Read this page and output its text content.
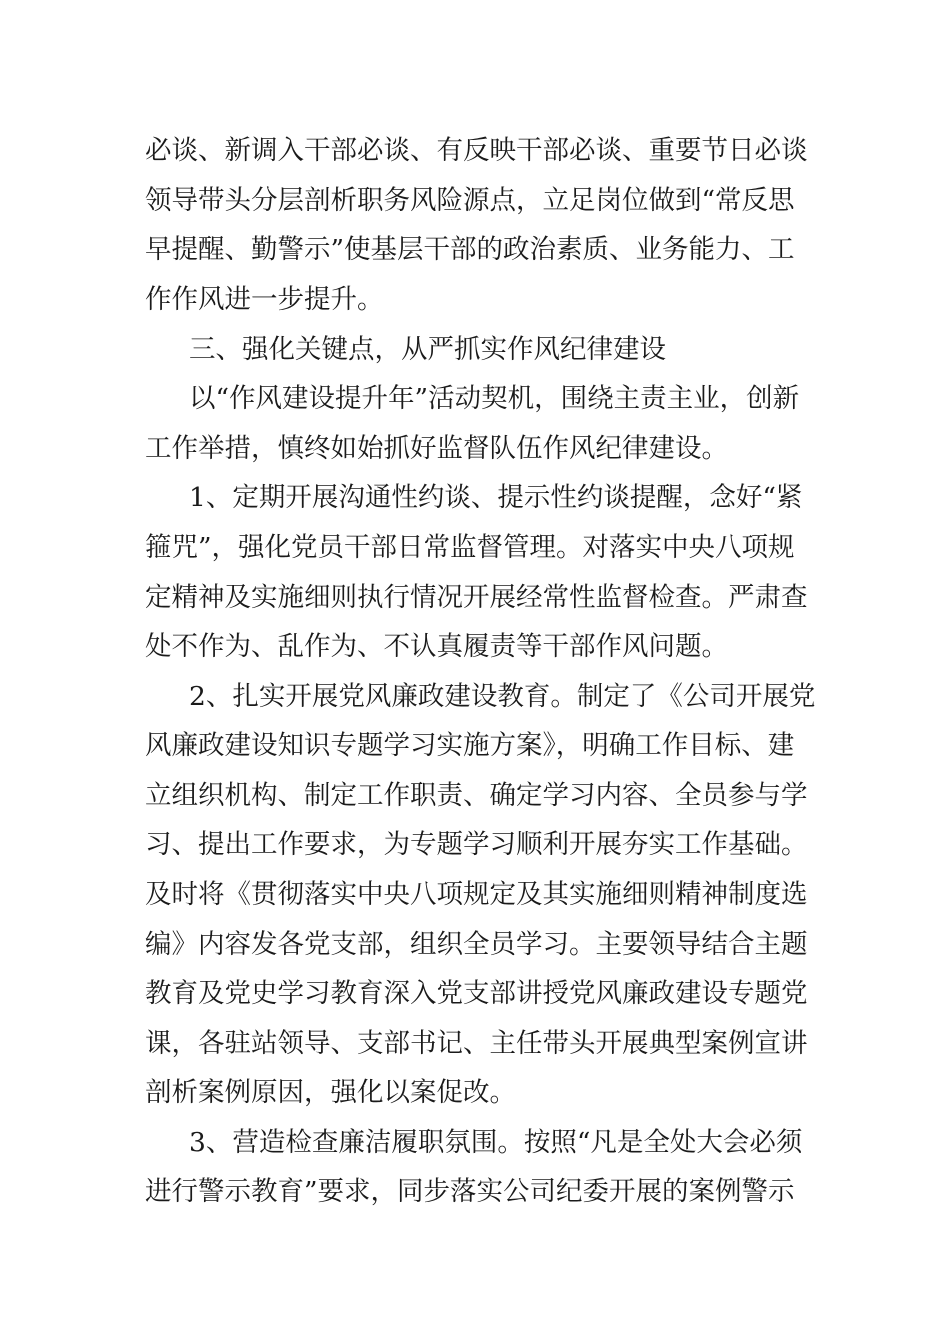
必谈、新调入干部必谈、有反映干部必谈、重要节日必谈
领导带头分层剖析职务风险源点，立足岗位做到“常反思
早提醒、勤警示”使基层干部的政治素质、业务能力、工
作作风进一步提升。
三、强化关键点，从严抓实作风纪律建设
以“作风建设提升年”活动契机，围绕主责主业，创新
工作举措，慎终如始抓好监督队伍作风纪律建设。
1、定期开展沟通性约谈、提示性约谈提醒，念好“紧
箍咒”，强化党员干部日常监督管理。对落实中央八项规
定精神及实施细则执行情况开展经常性监督检查。严肃查
处不作为、乱作为、不认真履责等干部作风问题。
2、扎实开展党风廉政建设教育。制定了《公司开展党
风廉政建设知识专题学习实施方案》，明确工作目标、建
立组织机构、制定工作职责、确定学习内容、全员参与学
习、提出工作要求，为专题学习顺利开展夯实工作基础。
及时将《贯彻落实中央八项规定及其实施细则精神制度选
编》内容发各党支部，组织全员学习。主要领导结合主题
教育及党史学习教育深入党支部讲授党风廉政建设专题党
课，各驻站领导、支部书记、主任带头开展典型案例宣讲
剖析案例原因，强化以案促改。
3、营造检查廉洁履职氛围。按照“凡是全处大会必须
进行警示教育”要求，同步落实公司纪委开展的案例警示
